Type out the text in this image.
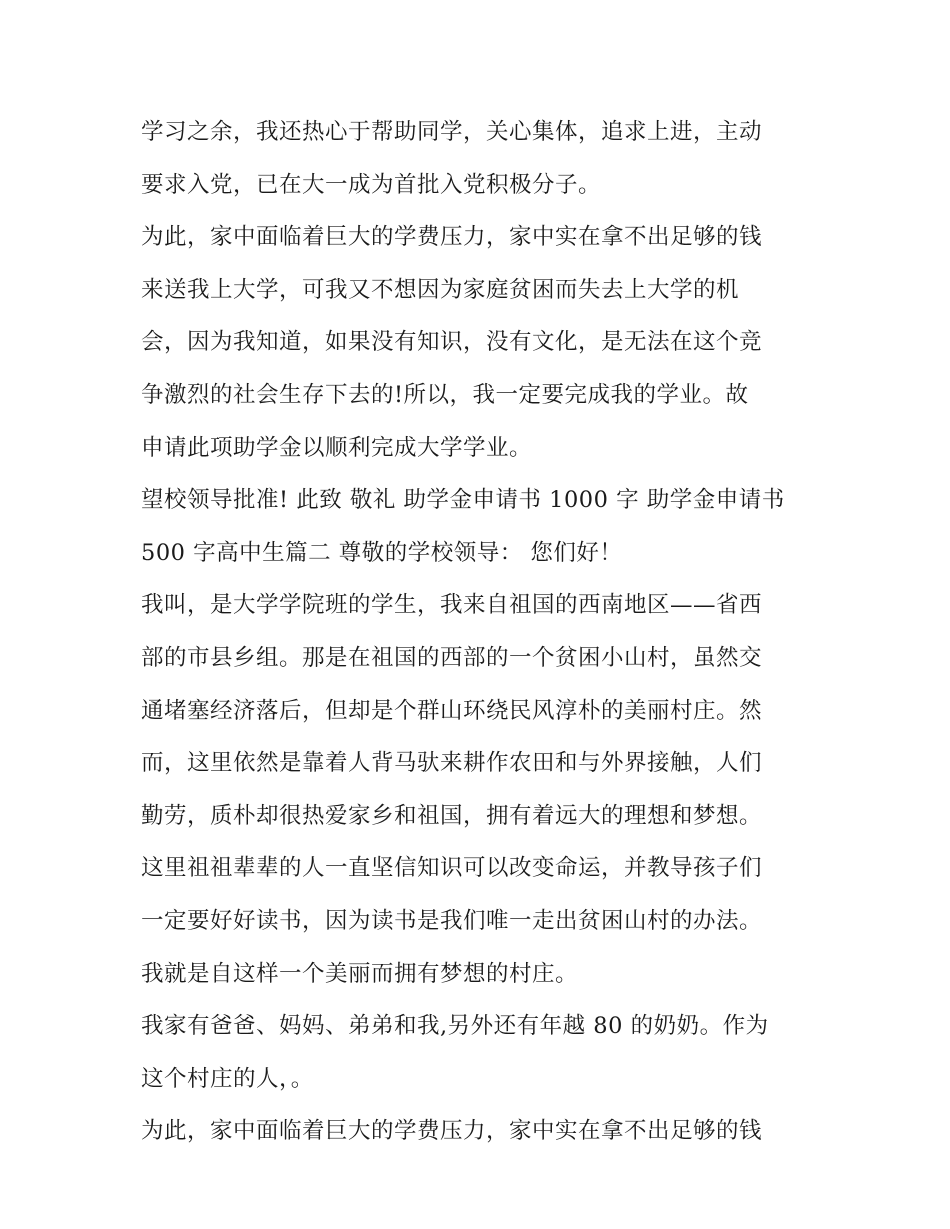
学习之余，我还热心于帮助同学，关心集体，追求上进，主动
要求入党，已在大一成为首批入党积极分子。
为此，家中面临着巨大的学费压力，家中实在拿不出足够的钱
来送我上大学，可我又不想因为家庭贫困而失去上大学的机
会，因为我知道，如果没有知识，没有文化，是无法在这个竞
争激烈的社会生存下去的!所以，我一定要完成我的学业。故
申请此项助学金以顺利完成大学学业。
望校领导批准! 此致 敬礼 助学金申请书 1000 字 助学金申请书
500 字高中生篇二 尊敬的学校领导： 您们好！
我叫，是大学学院班的学生，我来自祖国的西南地区——省西
部的市县乡组。那是在祖国的西部的一个贫困小山村，虽然交
通堵塞经济落后，但却是个群山环绕民风淳朴的美丽村庄。然
而，这里依然是靠着人背马驮来耕作农田和与外界接触，人们
勤劳，质朴却很热爱家乡和祖国，拥有着远大的理想和梦想。
这里祖祖辈辈的人一直坚信知识可以改变命运，并教导孩子们
一定要好好读书，因为读书是我们唯一走出贫困山村的办法。
我就是自这样一个美丽而拥有梦想的村庄。
我家有爸爸、妈妈、弟弟和我,另外还有年越 80 的奶奶。作为
这个村庄的人，。
为此，家中面临着巨大的学费压力，家中实在拿不出足够的钱
